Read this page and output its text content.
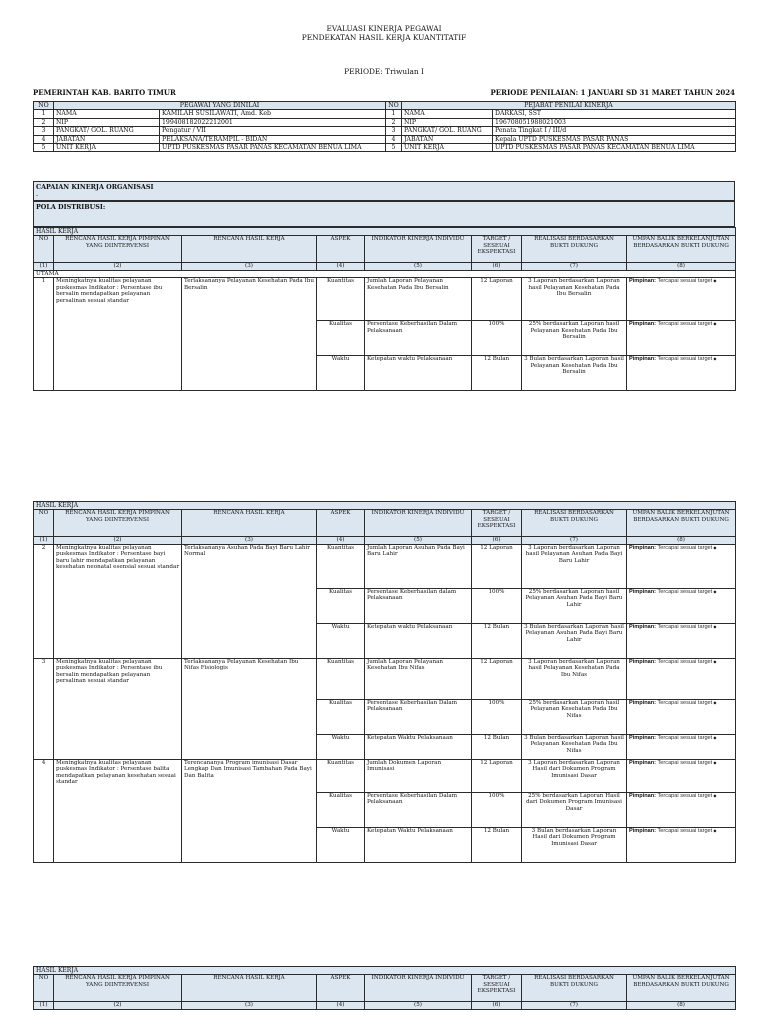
EVALUASI KINERJA PEGAWAI
PENDEKATAN HASIL KERJA KUANTITATIF
PERIODE: Triwulan I
PEMERINTAH KAB. BARITO TIMUR	PERIODE PENILAIAN: 1 JANUARI SD 31 MARET TAHUN 2024
NO	PEGAWAI YANG DINILAI		NO	PEJABAT PENILAI KINERJA	
1	NAMA	KAMILAH SUSILAWATI, Amd. Keb	1	NAMA	DARKASI, SST
2	NIP	199408182022212001	2	NIP	196708051988021003
3	PANGKAT/ GOL. RUANG	Pengatur / VII	3	PANGKAT/ GOL. RUANG	Penata Tingkat I / III/d
4	JABATAN	PELAKSANA/TERAMPIL - BIDAN	4	JABATAN	Kepala UPTD PUSKESMAS PASAR PANAS
5	UNIT KERJA	UPTD PUSKESMAS PASAR PANAS KECAMATAN BENUA LIMA	5	UNIT KERJA	UPTD PUSKESMAS PASAR PANAS KECAMATAN BENUA LIMA
CAPAIAN KINERJA ORGANISASI
-
POLA DISTRIBUSI:
HASIL KERJA							
NO	RENCANA HASIL KERJA PIMPINAN YANG DIINTERVENSI	RENCANA HASIL KERJA	ASPEK	INDIKATOR KINERJA INDIVIDU	TARGET / SESEUAI EKSPEKTASI	REALISASI BERDASARKAN BUKTI DUKUNG	UMPAN BALIK BERKELANJUTAN BERDASARKAN BUKTI DUKUNG
(1)	(2)	(3)	(4)	(5)	(6)	(7)	(8)
UTAMA							
1	Meningkatnya kualitas pelayanan puskesmas Indikator : Persentase ibu bersalin mendapatkan pelayanan persalinan sesuai standar	Terlaksananya Pelayanan Kesehatan Pada Ibu Bersalin	Kuantitas	Jumlah Laporan Pelayanan Kesehatan Pada Ibu Bersalin	12 Laporan	3 Laporan berdasarkan Laporan hasil Pelayanan Kesehatan Pada Ibu Bersalin	Pimpinan: Tercapai sesuai target ◆
			Kualitas	Persentase Keberhasilan Dalam Pelaksanaan	100%	25% berdasarkan Laporan hasil Pelayanan Kesehatan Pada Ibu Bersalin	Pimpinan: Tercapai sesuai target ◆
			Waktu	Ketepatan waktu Pelaksanaan	12 Bulan	3 Bulan berdasarkan Laporan hasil Pelayanan Kesehatan Pada Ibu Bersalin	Pimpinan: Tercapai sesuai target ◆
HASIL KERJA							
NO	RENCANA HASIL KERJA PIMPINAN YANG DIINTERVENSI	RENCANA HASIL KERJA	ASPEK	INDIKATOR KINERJA INDIVIDU	TARGET / SESEUAI EKSPEKTASI	REALISASI BERDASARKAN BUKTI DUKUNG	UMPAN BALIK BERKELANJUTAN BERDASARKAN BUKTI DUKUNG
(1)	(2)	(3)	(4)	(5)	(6)	(7)	(8)
2	Meningkatnya kualitas pelayanan puskesmas Indikator : Persentase bayi baru lahir mendapatkan pelayanan kesehatan neonatal esensial sesuai standar	Terlaksananya Asuhan Pada Bayi Baru Lahir Normal	Kuantitas	Jumlah Laporan Asuhan Pada Bayi Baru Lahir	12 Laporan	3 Laporan berdasarkan Laporan hasil Pelayanan Asuhan Pada Bayi Baru Lahir	Pimpinan: Tercapai sesuai target ◆
			Kualitas	Persentase Keberhasilan dalam Pelaksanaan	100%	25% berdasarkan Laporan hasil Pelayanan Asuhan Pada Bayi Baru Lahir	Pimpinan: Tercapai sesuai target ◆
			Waktu	Ketepatan waktu Pelaksanaan	12 Bulan	3 Bulan berdasarkan Laporan hasil Pelayanan Asuhan Pada Bayi Baru Lahir	Pimpinan: Tercapai sesuai target ◆
3	Meningkatnya kualitas pelayanan puskesmas Indikator : Persentase ibu bersalin mendapatkan pelayanan persalinan sesuai standar	Terlaksananya Pelayanan Kesehatan Ibu Nifas Fisiologis	Kuantitas	Jumlah Laporan Pelayanan Kesehatan Ibu Nifas	12 Laporan	3 Laporan berdasarkan Laporan hasil Pelayanan Kesehatan Pada Ibu Nifas	Pimpinan: Tercapai sesuai target ◆
			Kualitas	Persentase Keberhasilan Dalam Pelaksanaan	100%	25% berdasarkan Laporan hasil Pelayanan Kesehatan Pada Ibu Nifas	Pimpinan: Tercapai sesuai target ◆
			Waktu	Ketepatan Waktu Pelaksanaan	12 Bulan	3 Bulan berdasarkan Laporan hasil Pelayanan Kesehatan Pada Ibu Nifas	Pimpinan: Tercapai sesuai target ◆
4	Meningkatnya kualitas pelayanan puskesmas Indikator : Persentase balita mendapatkan pelayanan kesehatan sesuai standar	Terencananya Program imunisasi Dasar Lengkap Dan Imunisasi Tambahan Pada Bayi Dan Balita	Kuantitas	Jumlah Dokumen Laporan Imunisasi	12 Laporan	3 Laporan berdasarkan Laporan Hasil dari Dokumen Program Imunisasi Dasar	Pimpinan: Tercapai sesuai target ◆
			Kualitas	Persentase Keberhasilan Dalam Pelaksanaan	100%	25% berdasarkan Laporan Hasil dari Dokumen Program Imunisasi Dasar	Pimpinan: Tercapai sesuai target ◆
			Waktu	Ketepatan Waktu Pelaksanaan	12 Bulan	3 Bulan berdasarkan Laporan Hasil dari Dokumen Program Imunisasi Dasar	Pimpinan: Tercapai sesuai target ◆
HASIL KERJA							
NO	RENCANA HASIL KERJA PIMPINAN YANG DIINTERVENSI	RENCANA HASIL KERJA	ASPEK	INDIKATOR KINERJA INDIVIDU	TARGET / SESEUAI EKSPEKTASI	REALISASI BERDASARKAN BUKTI DUKUNG	UMPAN BALIK BERKELANJUTAN BERDASARKAN BUKTI DUKUNG
(1)	(2)	(3)	(4)	(5)	(6)	(7)	(8)
